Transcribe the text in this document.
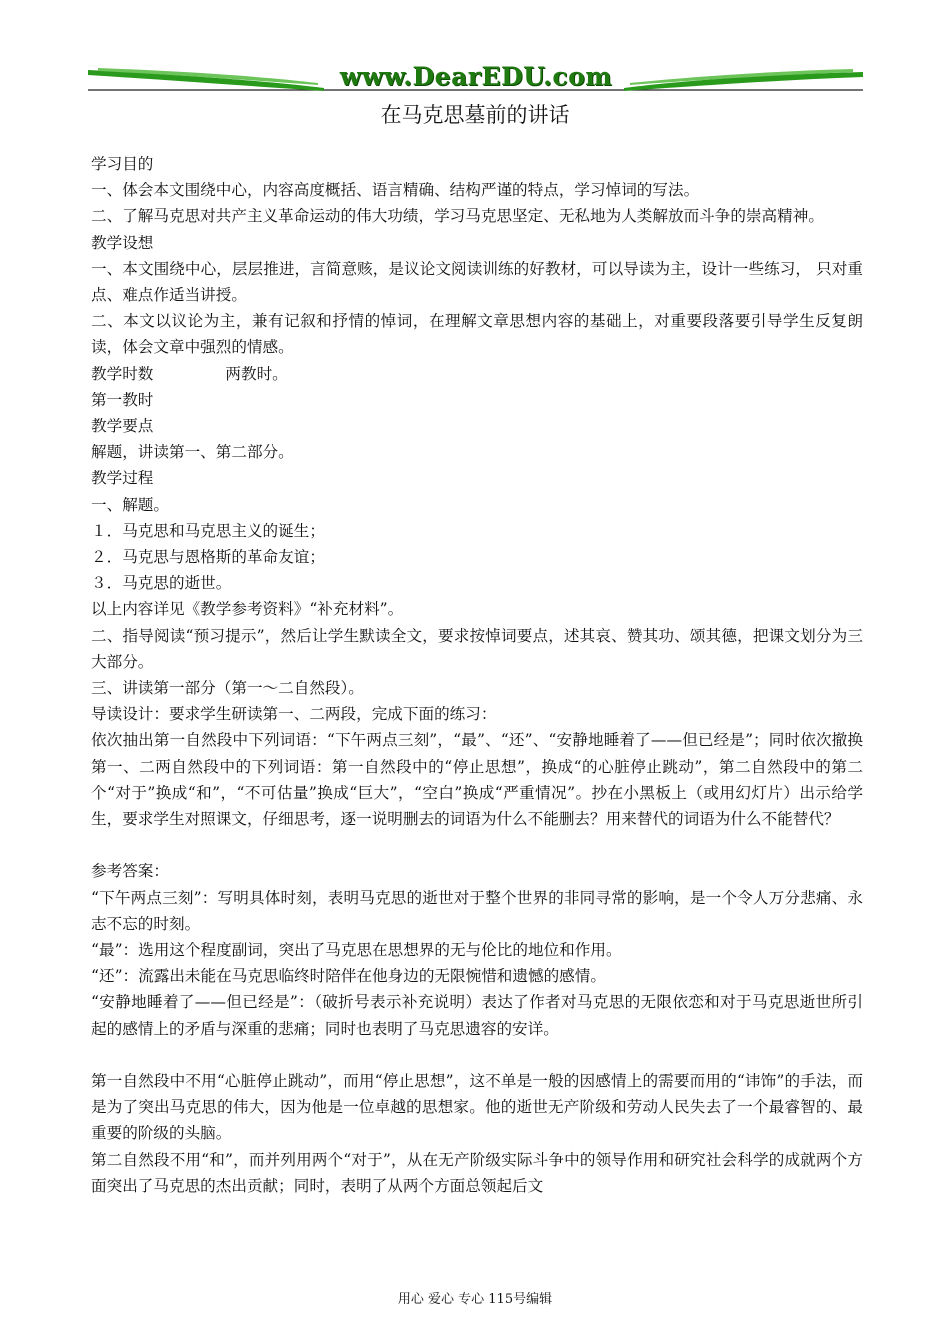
www.DearEDU.com
在马克思墓前的讲话

学习目的

一、体会本文围绕中心，内容高度概括、语言精确、结构严谨的特点，学习悼词的写法。

二、了解马克思对共产主义革命运动的伟大功绩，学习马克思坚定、无私地为人类解放而斗争的崇高精神。

教学设想

一、本文围绕中心，层层推进，言简意赅，是议论文阅读训练的好教材，可以导读为主，设计一些练习， 只对重点、难点作适当讲授。

二、本文以议论为主，兼有记叙和抒情的悼词，在理解文章思想内容的基础上，对重要段落要引导学生反复朗读，体会文章中强烈的情感。

教学时数	两教时。

第一教时

教学要点

解题，讲读第一、第二部分。

教学过程

一、解题。

１．马克思和马克思主义的诞生；

２．马克思与恩格斯的革命友谊；

３．马克思的逝世。

以上内容详见《教学参考资料》“补充材料”。

二、指导阅读“预习提示”，然后让学生默读全文，要求按悼词要点，述其哀、赞其功、颂其德，把课文划分为三大部分。

三、讲读第一部分（第一～二自然段）。

导读设计：要求学生研读第一、二两段，完成下面的练习：

依次抽出第一自然段中下列词语：“下午两点三刻”，“最”、“还”、“安静地睡着了——但已经是”；同时依次撤换第一、二两自然段中的下列词语：第一自然段中的“停止思想”，换成“的心脏停止跳动”，第二自然段中的第二个“对于”换成“和”，“不可估量”换成“巨大”，“空白”换成“严重情况”。抄在小黑板上（或用幻灯片）出示给学生，要求学生对照课文，仔细思考，逐一说明删去的词语为什么不能删去？用来替代的词语为什么不能替代？

参考答案：

“下午两点三刻”：写明具体时刻，表明马克思的逝世对于整个世界的非同寻常的影响，是一个令人万分悲痛、永志不忘的时刻。

“最”：选用这个程度副词，突出了马克思在思想界的无与伦比的地位和作用。

“还”：流露出未能在马克思临终时陪伴在他身边的无限惋惜和遗憾的感情。

“安静地睡着了——但已经是”：（破折号表示补充说明）表达了作者对马克思的无限依恋和对于马克思逝世所引起的感情上的矛盾与深重的悲痛；同时也表明了马克思遗容的安详。

第一自然段中不用“心脏停止跳动”，而用“停止思想”，这不单是一般的因感情上的需要而用的“讳饰”的手法，而是为了突出马克思的伟大，因为他是一位卓越的思想家。他的逝世无产阶级和劳动人民失去了一个最睿智的、最重要的阶级的头脑。

第二自然段不用“和”，而并列用两个“对于”，从在无产阶级实际斗争中的领导作用和研究社会科学的成就两个方面突出了马克思的杰出贡献；同时，表明了从两个方面总领起后文

用心 爱心 专心 115号编辑
